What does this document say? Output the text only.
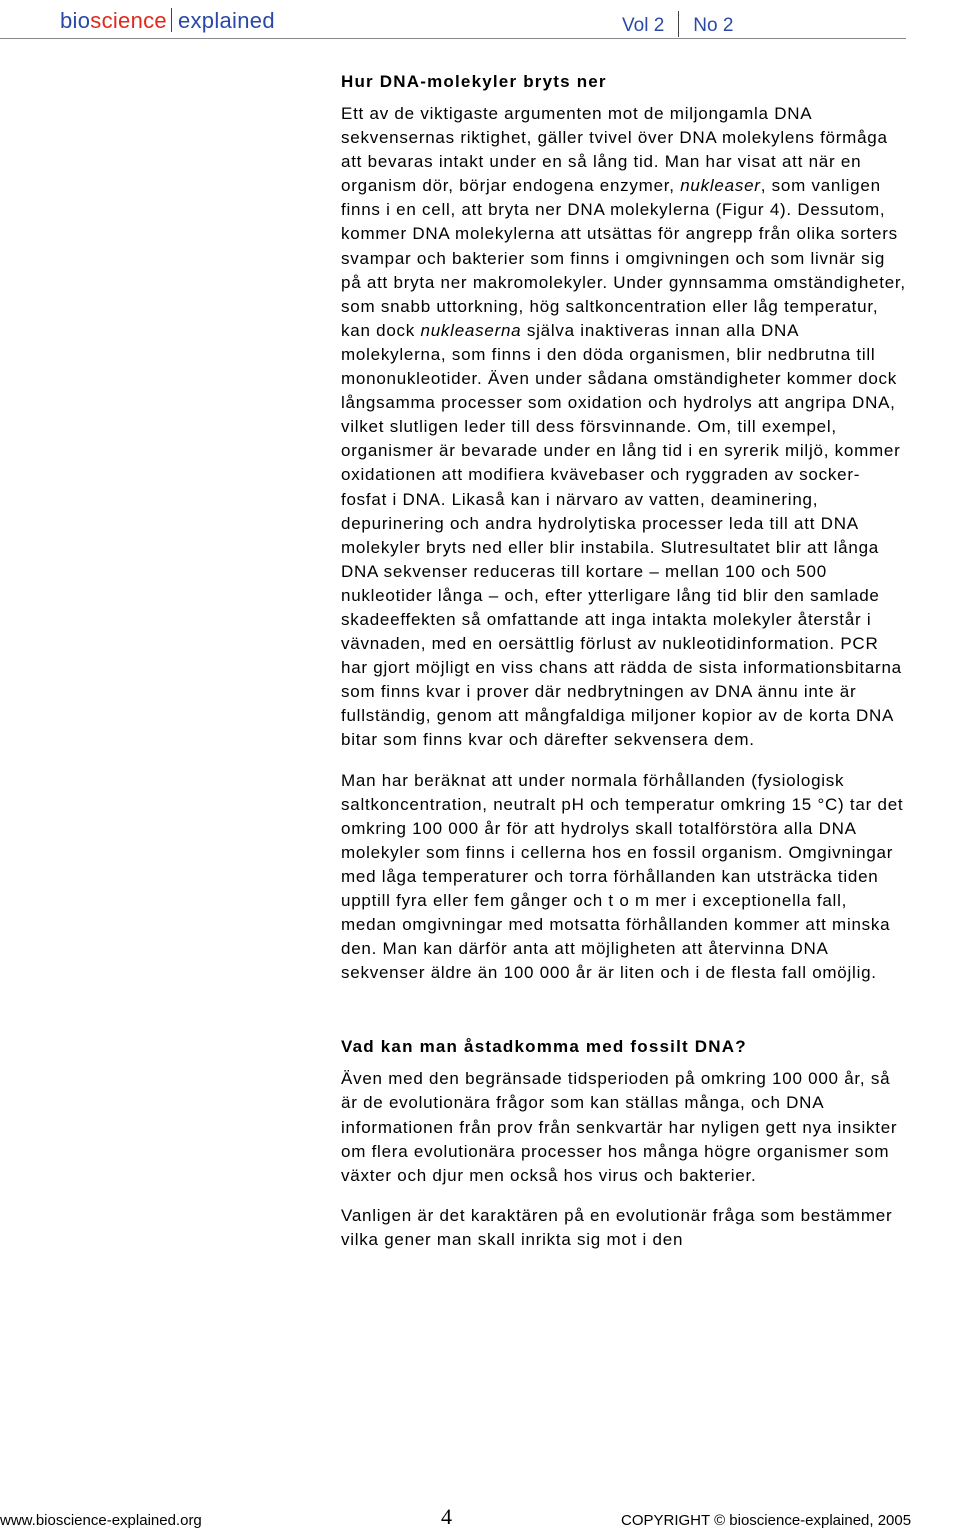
bioscience explained	Vol 2 No 2
Hur DNA-molekyler bryts ner

Ett av de viktigaste argumenten mot de miljongamla DNA sekvensernas riktighet, gäller tvivel över DNA molekylens förmåga att bevaras intakt under en så lång tid. Man har visat att när en organism dör, börjar endogena enzymer, nukleaser, som vanligen finns i en cell, att bryta ner DNA molekylerna (Figur 4). Dessutom, kommer DNA molekylerna att utsättas för angrepp från olika sorters svampar och bakterier som finns i omgivningen och som livnär sig på att bryta ner makromolekyler. Under gynnsamma omständigheter, som snabb uttorkning, hög saltkoncentration eller låg temperatur, kan dock nukleaserna själva inaktiveras innan alla DNA molekylerna, som finns i den döda organismen, blir nedbrutna till mononukleotider. Även under sådana omständigheter kommer dock långsamma processer som oxidation och hydrolys att angripa DNA, vilket slutligen leder till dess försvinnande. Om, till exempel, organismer är bevarade under en lång tid i en syrerik miljö, kommer oxidationen att modifiera kvävebaser och ryggraden av socker-fosfat i DNA. Likaså kan i närvaro av vatten, deaminering, depurinering och andra hydrolytiska processer leda till att DNA molekyler bryts ned eller blir instabila. Slutresultatet blir att långa DNA sekvenser reduceras till kortare – mellan 100 och 500 nukleotider långa – och, efter ytterligare lång tid blir den samlade skadeeffekten så omfattande att inga intakta molekyler återstår i vävnaden, med en oersättlig förlust av nukleotidinformation. PCR har gjort möjligt en viss chans att rädda de sista informationsbitarna som finns kvar i prover där nedbrytningen av DNA ännu inte är fullständig, genom att mångfaldiga miljoner kopior av de korta DNA bitar som finns kvar och därefter sekvensera dem.

Man har beräknat att under normala förhållanden (fysiologisk saltkoncentration, neutralt pH och temperatur omkring 15 °C) tar det omkring 100 000 år för att hydrolys skall totalförstöra alla DNA molekyler som finns i cellerna hos en fossil organism. Omgivningar med låga temperaturer och torra förhållanden kan utsträcka tiden upptill fyra eller fem gånger och t o m mer i exceptionella fall, medan omgivningar med motsatta förhållanden kommer att minska den. Man kan därför anta att möjligheten att återvinna DNA sekvenser äldre än 100 000 år är liten och i de flesta fall omöjlig.

Vad kan man åstadkomma med fossilt DNA?

Även med den begränsade tidsperioden på omkring 100 000 år, så är de evolutionära frågor som kan ställas många, och DNA informationen från prov från senkvartär har nyligen gett nya insikter om flera evolutionära processer hos många högre organismer som växter och djur men också hos virus och bakterier.

Vanligen är det karaktären på en evolutionär fråga som bestämmer vilka gener man skall inrikta sig mot i den

www.bioscience-explained.org	4	COPYRIGHT © bioscience-explained, 2005
